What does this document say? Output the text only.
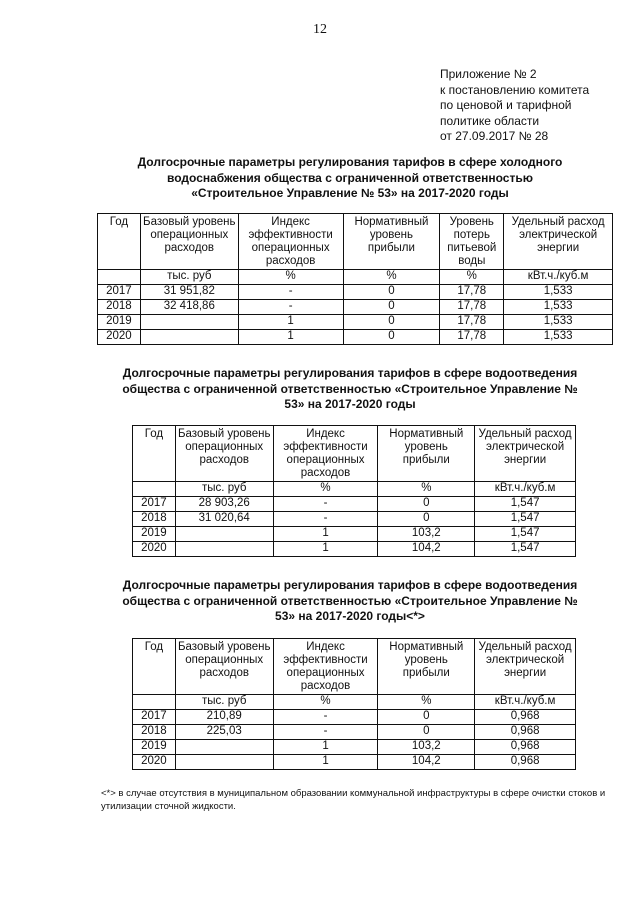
12
Приложение № 2
к постановлению комитета
по ценовой и тарифной
политике области
от 27.09.2017 № 28
Долгосрочные параметры регулирования тарифов в сфере холодного
водоснабжения общества с ограниченной ответственностью
«Строительное Управление № 53» на 2017-2020 годы
Год	Базовый уровень операционных расходов	Индекс эффективности операционных расходов	Нормативный уровень прибыли	Уровень потерь питьевой воды	Удельный расход электрической энергии
	тыс. руб	%	%	%	кВт.ч./куб.м
2017	31 951,82	-	0	17,78	1,533
2018	32 418,86	-	0	17,78	1,533
2019		1	0	17,78	1,533
2020		1	0	17,78	1,533
Долгосрочные параметры регулирования тарифов в сфере водоотведения
общества с ограниченной ответственностью «Строительное Управление №
53» на 2017-2020 годы
Год	Базовый уровень операционных расходов	Индекс эффективности операционных расходов	Нормативный уровень прибыли	Удельный расход электрической энергии
	тыс. руб	%	%	кВт.ч./куб.м
2017	28 903,26	-	0	1,547
2018	31 020,64	-	0	1,547
2019		1	103,2	1,547
2020		1	104,2	1,547
Долгосрочные параметры регулирования тарифов в сфере водоотведения
общества с ограниченной ответственностью «Строительное Управление №
53» на 2017-2020 годы<*>
Год	Базовый уровень операционных расходов	Индекс эффективности операционных расходов	Нормативный уровень прибыли	Удельный расход электрической энергии
	тыс. руб	%	%	кВт.ч./куб.м
2017	210,89	-	0	0,968
2018	225,03	-	0	0,968
2019		1	103,2	0,968
2020		1	104,2	0,968
<*> в случае отсутствия в муниципальном образовании коммунальной инфраструктуры в сфере очистки стоков и утилизации сточной жидкости.
